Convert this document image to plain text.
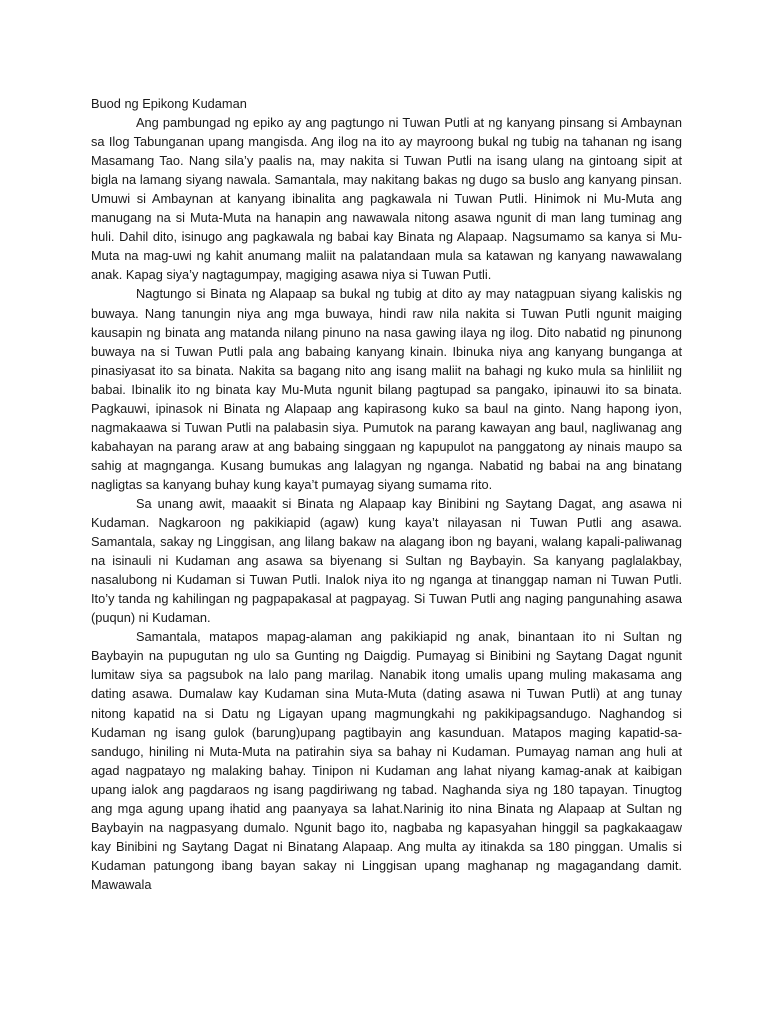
Buod ng Epikong Kudaman

Ang pambungad ng epiko ay ang pagtungo ni Tuwan Putli at ng kanyang pinsang si Ambaynan sa Ilog Tabunganan upang mangisda. Ang ilog na ito ay mayroong bukal ng tubig na tahanan ng isang Masamang Tao. Nang sila’y paalis na, may nakita si Tuwan Putli na isang ulang na gintoang sipit at bigla na lamang siyang nawala. Samantala, may nakitang bakas ng dugo sa buslo ang kanyang pinsan. Umuwi si Ambaynan at kanyang ibinalita ang pagkawala ni Tuwan Putli. Hinimok ni Mu-Muta ang manugang na si Muta-Muta na hanapin ang nawawala nitong asawa ngunit di man lang tuminag ang huli. Dahil dito, isinugo ang pagkawala ng babai kay Binata ng Alapaap. Nagsumamo sa kanya si Mu-Muta na mag-uwi ng kahit anumang maliit na palatandaan mula sa katawan ng kanyang nawawalang anak. Kapag siya’y nagtagumpay, magiging asawa niya si Tuwan Putli.

Nagtungo si Binata ng Alapaap sa bukal ng tubig at dito ay may natagpuan siyang kaliskis ng buwaya. Nang tanungin niya ang mga buwaya, hindi raw nila nakita si Tuwan Putli ngunit maiging kausapin ng binata ang matanda nilang pinuno na nasa gawing ilaya ng ilog. Dito nabatid ng pinunong buwaya na si Tuwan Putli pala ang babaing kanyang kinain. Ibinuka niya ang kanyang bunganga at pinasiyasat ito sa binata. Nakita sa bagang nito ang isang maliit na bahagi ng kuko mula sa hinliliit ng babai. Ibinalik ito ng binata kay Mu-Muta ngunit bilang pagtupad sa pangako, ipinauwi ito sa binata. Pagkauwi, ipinasok ni Binata ng Alapaap ang kapirasong kuko sa baul na ginto. Nang hapong iyon, nagmakaawa si Tuwan Putli na palabasin siya. Pumutok na parang kawayan ang baul, nagliwanag ang kabahayan na parang araw at ang babaing singgaan ng kapupulot na panggatong ay ninais maupo sa sahig at magnganga. Kusang bumukas ang lalagyan ng nganga. Nabatid ng babai na ang binatang nagligtas sa kanyang buhay kung kaya’t pumayag siyang sumama rito.

Sa unang awit, maaakit si Binata ng Alapaap kay Binibini ng Saytang Dagat, ang asawa ni Kudaman. Nagkaroon ng pakikiapid (agaw) kung kaya’t nilayasan ni Tuwan Putli ang asawa. Samantala, sakay ng Linggisan, ang lilang bakaw na alagang ibon ng bayani, walang kapali-paliwanag na isinauli ni Kudaman ang asawa sa biyenang si Sultan ng Baybayin. Sa kanyang paglalakbay, nasalubong ni Kudaman si Tuwan Putli. Inalok niya ito ng nganga at tinanggap naman ni Tuwan Putli. Ito’y tanda ng kahilingan ng pagpapakasal at pagpayag. Si Tuwan Putli ang naging pangunahing asawa (puqun) ni Kudaman.

Samantala, matapos mapag-alaman ang pakikiapid ng anak, binantaan ito ni Sultan ng Baybayin na pupugutan ng ulo sa Gunting ng Daigdig. Pumayag si Binibini ng Saytang Dagat ngunit lumitaw siya sa pagsubok na lalo pang marilag. Nanabik itong umalis upang muling makasama ang dating asawa. Dumalaw kay Kudaman sina Muta-Muta (dating asawa ni Tuwan Putli) at ang tunay nitong kapatid na si Datu ng Ligayan upang magmungkahi ng pakikipagsandugo. Naghandog si Kudaman ng isang gulok (barung)upang pagtibayin ang kasunduan. Matapos maging kapatid-sa-sandugo, hiniling ni Muta-Muta na patirahin siya sa bahay ni Kudaman. Pumayag naman ang huli at agad nagpatayo ng malaking bahay. Tinipon ni Kudaman ang lahat niyang kamag-anak at kaibigan upang ialok ang pagdaraos ng isang pagdiriwang ng tabad. Naghanda siya ng 180 tapayan. Tinugtog ang mga agung upang ihatid ang paanyaya sa lahat.Narinig ito nina Binata ng Alapaap at Sultan ng Baybayin na nagpasyang dumalo. Ngunit bago ito, nagbaba ng kapasyahan hinggil sa pagkakaagaw kay Binibini ng Saytang Dagat ni Binatang Alapaap. Ang multa ay itinakda sa 180 pinggan. Umalis si Kudaman patungong ibang bayan sakay ni Linggisan upang maghanap ng magagandang damit. Mawawala
